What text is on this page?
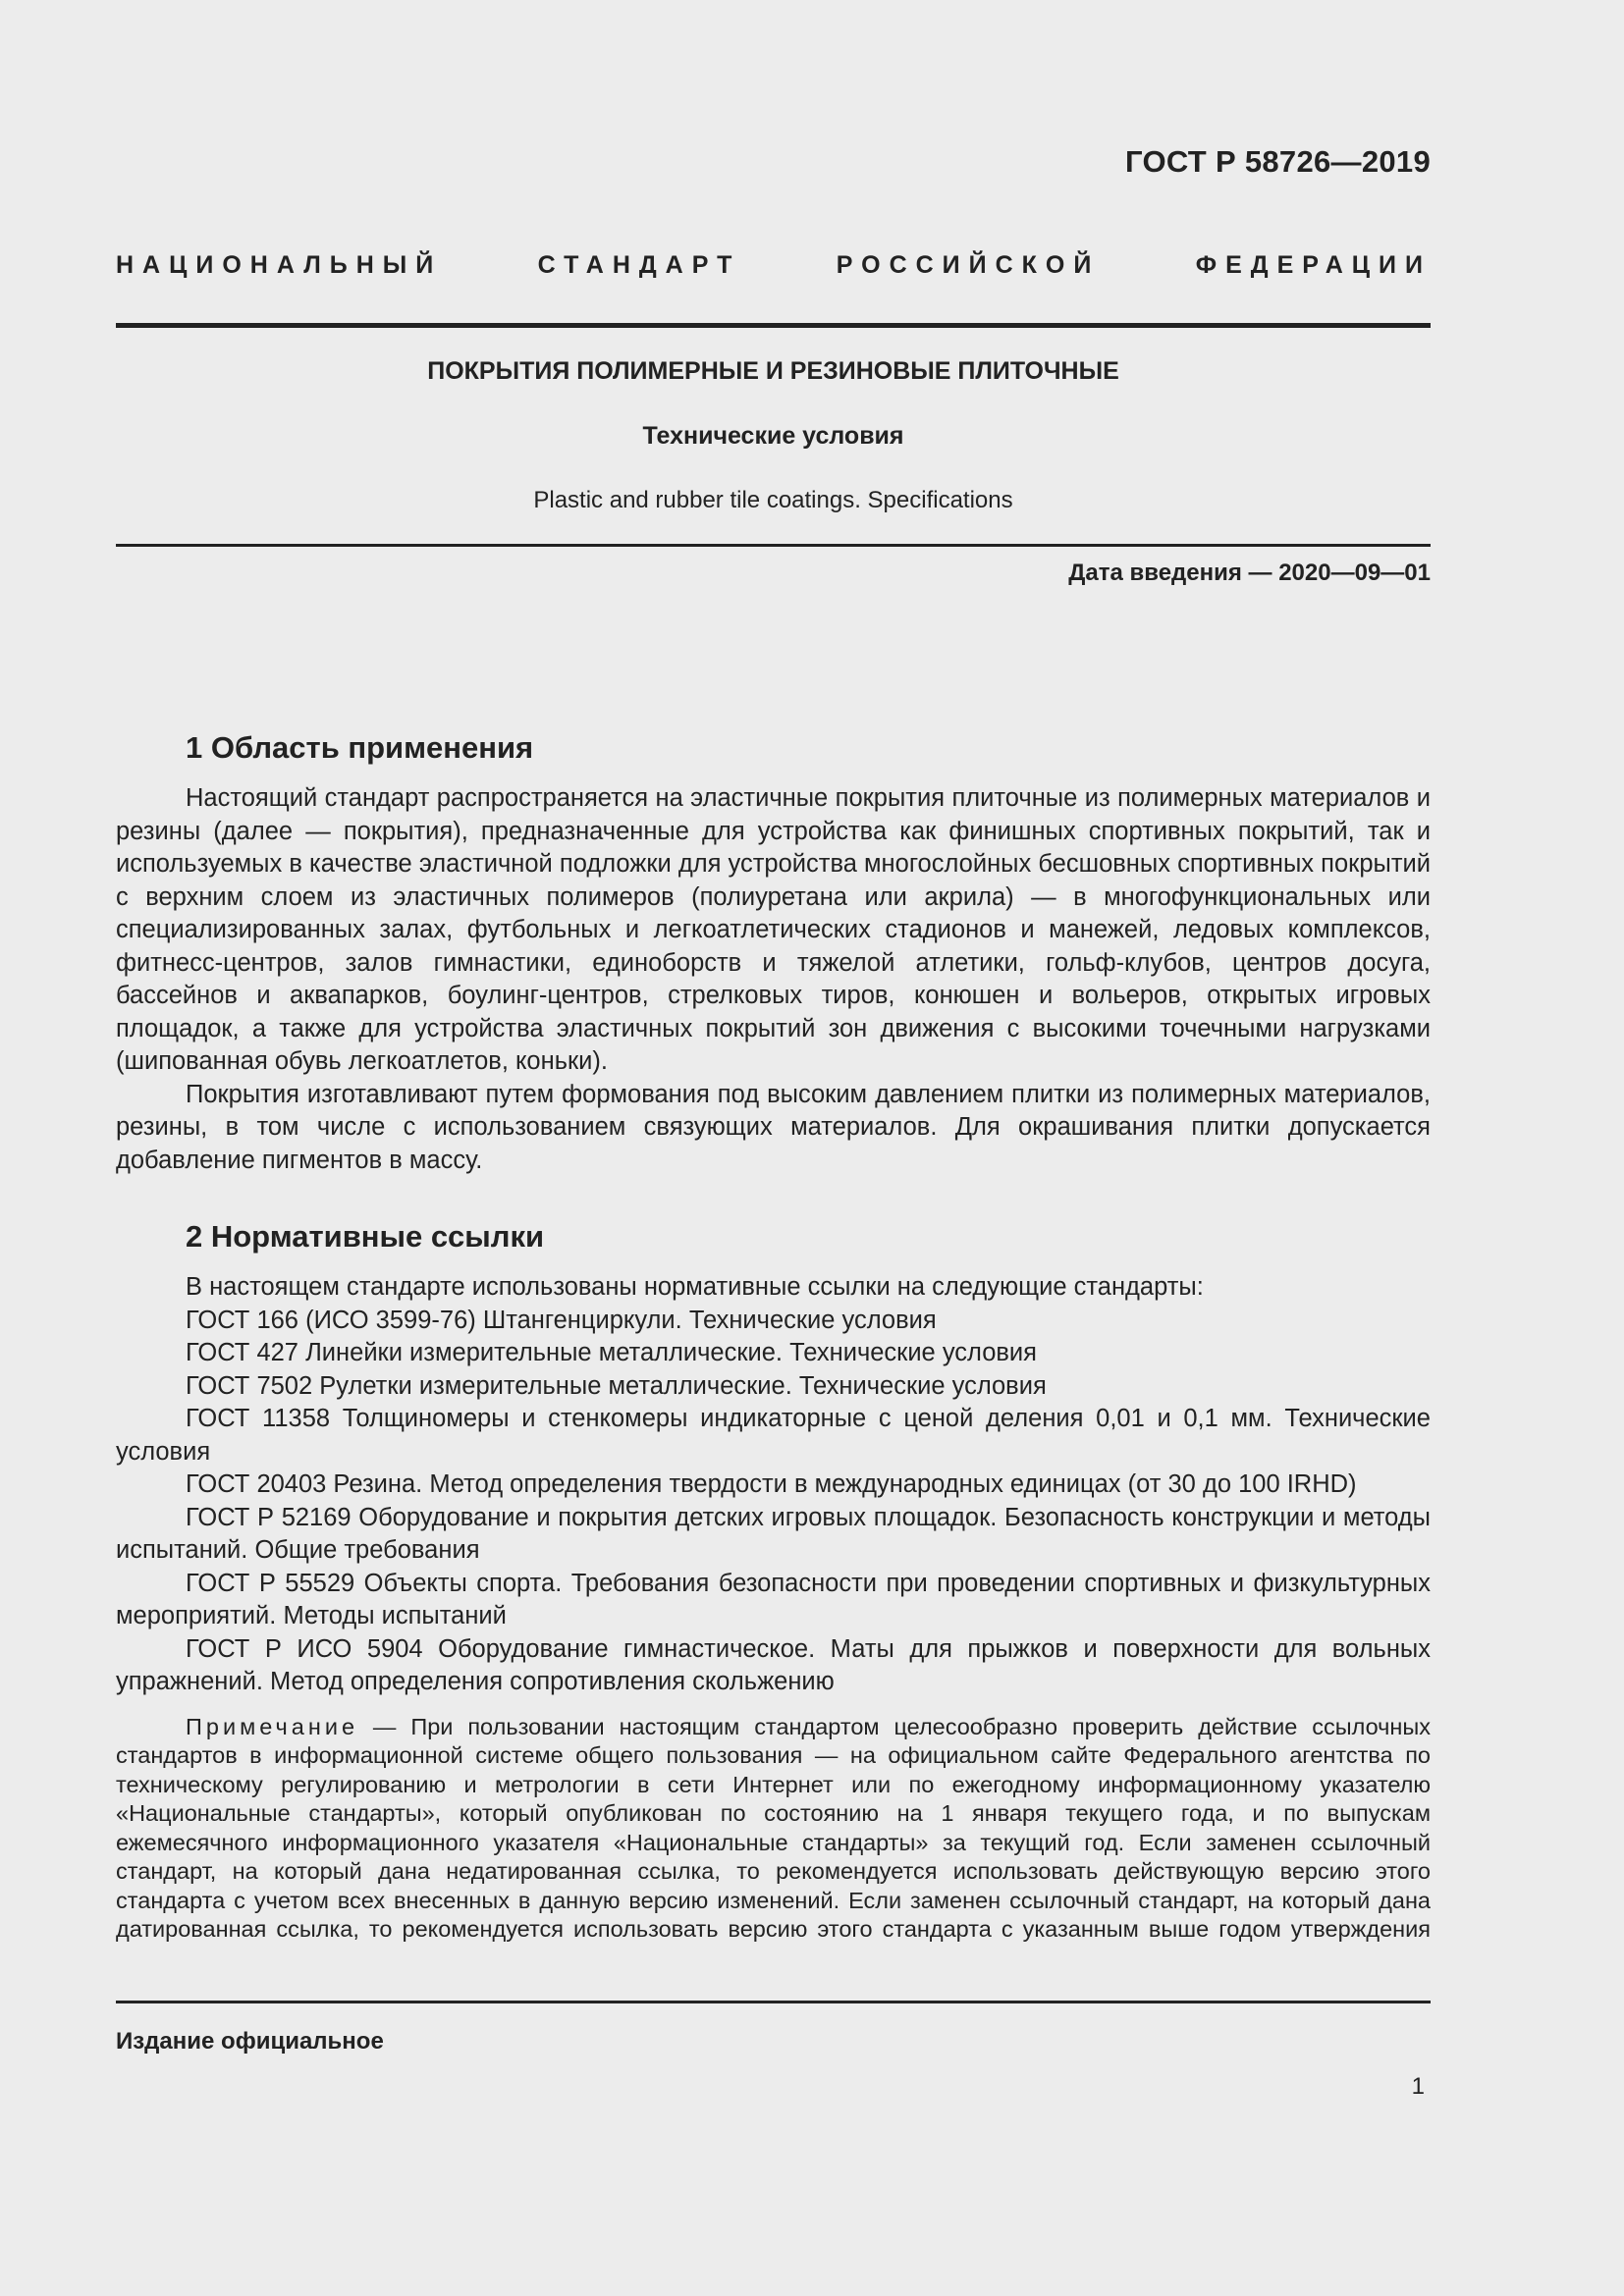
ГОСТ Р 58726—2019
НАЦИОНАЛЬНЫЙ СТАНДАРТ РОССИЙСКОЙ ФЕДЕРАЦИИ
ПОКРЫТИЯ ПОЛИМЕРНЫЕ И РЕЗИНОВЫЕ ПЛИТОЧНЫЕ
Технические условия
Plastic and rubber tile coatings. Specifications
Дата введения — 2020—09—01
1 Область применения

Настоящий стандарт распространяется на эластичные покрытия плиточные из полимерных материалов и резины (далее — покрытия), предназначенные для устройства как финишных спортивных покрытий, так и используемых в качестве эластичной подложки для устройства многослойных бесшовных спортивных покрытий с верхним слоем из эластичных полимеров (полиуретана или акрила) — в многофункциональных или специализированных залах, футбольных и легкоатлетических стадионов и манежей, ледовых комплексов, фитнесс-центров, залов гимнастики, единоборств и тяжелой атлетики, гольф-клубов, центров досуга, бассейнов и аквапарков, боулинг-центров, стрелковых тиров, конюшен и вольеров, открытых игровых площадок, а также для устройства эластичных покрытий зон движения с высокими точечными нагрузками (шипованная обувь легкоатлетов, коньки).

Покрытия изготавливают путем формования под высоким давлением плитки из полимерных материалов, резины, в том числе с использованием связующих материалов. Для окрашивания плитки допускается добавление пигментов в массу.

2 Нормативные ссылки

В настоящем стандарте использованы нормативные ссылки на следующие стандарты:

ГОСТ 166 (ИСО 3599-76) Штангенциркули. Технические условия

ГОСТ 427 Линейки измерительные металлические. Технические условия

ГОСТ 7502 Рулетки измерительные металлические. Технические условия

ГОСТ 11358 Толщиномеры и стенкомеры индикаторные с ценой деления 0,01 и 0,1 мм. Технические условия

ГОСТ 20403 Резина. Метод определения твердости в международных единицах (от 30 до 100 IRHD)

ГОСТ Р 52169 Оборудование и покрытия детских игровых площадок. Безопасность конструкции и методы испытаний. Общие требования

ГОСТ Р 55529 Объекты спорта. Требования безопасности при проведении спортивных и физкультурных мероприятий. Методы испытаний

ГОСТ Р ИСО 5904 Оборудование гимнастическое. Маты для прыжков и поверхности для вольных упражнений. Метод определения сопротивления скольжению

Примечание — При пользовании настоящим стандартом целесообразно проверить действие ссылочных стандартов в информационной системе общего пользования — на официальном сайте Федерального агентства по техническому регулированию и метрологии в сети Интернет или по ежегодному информационному указателю «Национальные стандарты», который опубликован по состоянию на 1 января текущего года, и по выпускам ежемесячного информационного указателя «Национальные стандарты» за текущий год. Если заменен ссылочный стандарт, на который дана недатированная ссылка, то рекомендуется использовать действующую версию этого стандарта с учетом всех внесенных в данную версию изменений. Если заменен ссылочный стандарт, на который дана датированная ссылка, то рекомендуется использовать версию этого стандарта с указанным выше годом утверждения

Издание официальное
1
